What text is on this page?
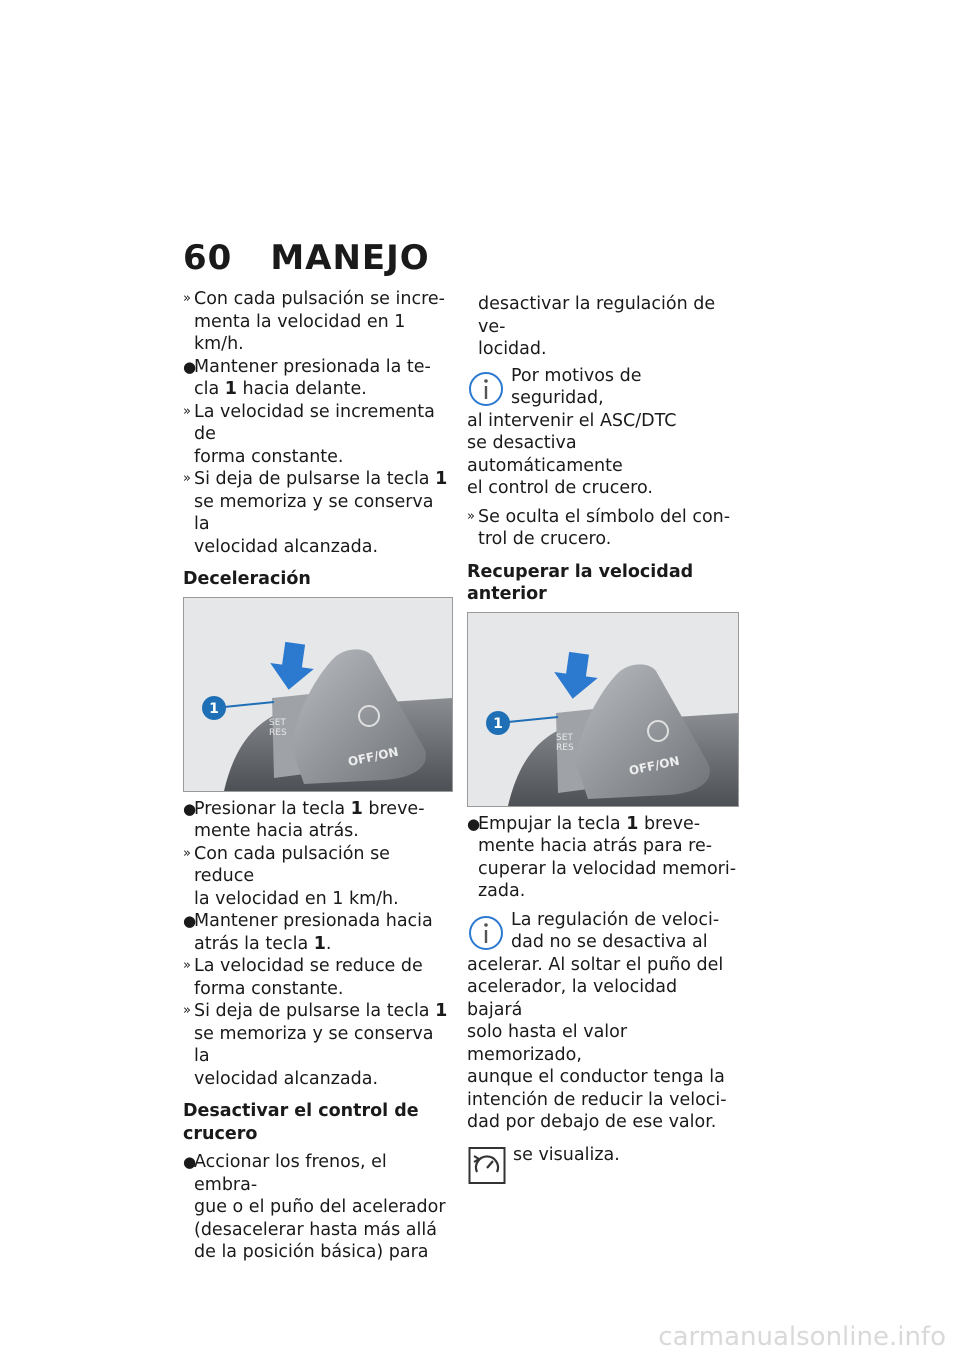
60 MANEJO
» Con cada pulsación se incre-
menta la velocidad en 1 km/h.
●
Mantener presionada la te-
cla 1 hacia delante.
» La velocidad se incrementa de
forma constante.
» Si deja de pulsarse la tecla 1
se memoriza y se conserva la
velocidad alcanzada.
Deceleración
SET
RES
OFF/ON
1
●
Presionar la tecla 1 breve-
mente hacia atrás.
» Con cada pulsación se reduce
la velocidad en 1 km/h.
●
Mantener presionada hacia
atrás la tecla 1.
» La velocidad se reduce de
forma constante.
» Si deja de pulsarse la tecla 1
se memoriza y se conserva la
velocidad alcanzada.
Desactivar el control de
crucero
●
Accionar los frenos, el embra-
gue o el puño del acelerador
(desacelerar hasta más allá
de la posición básica) para
desactivar la regulación de ve-
locidad.

Por motivos de seguridad,

al intervenir el ASC/DTC

se desactiva automáticamente

el control de crucero.

» Se oculta el símbolo del con-
trol de crucero.
Recuperar la velocidad
anterior
SET
RES
OFF/ON
1
●
Empujar la tecla 1 breve-
mente hacia atrás para re-
cuperar la velocidad memori-
zada.

La regulación de veloci-

dad no se desactiva al

acelerar. Al soltar el puño del

acelerador, la velocidad bajará

solo hasta el valor memorizado,

aunque el conductor tenga la

intención de reducir la veloci-

dad por debajo de ese valor.

se visualiza.

carmanualsonline.info
